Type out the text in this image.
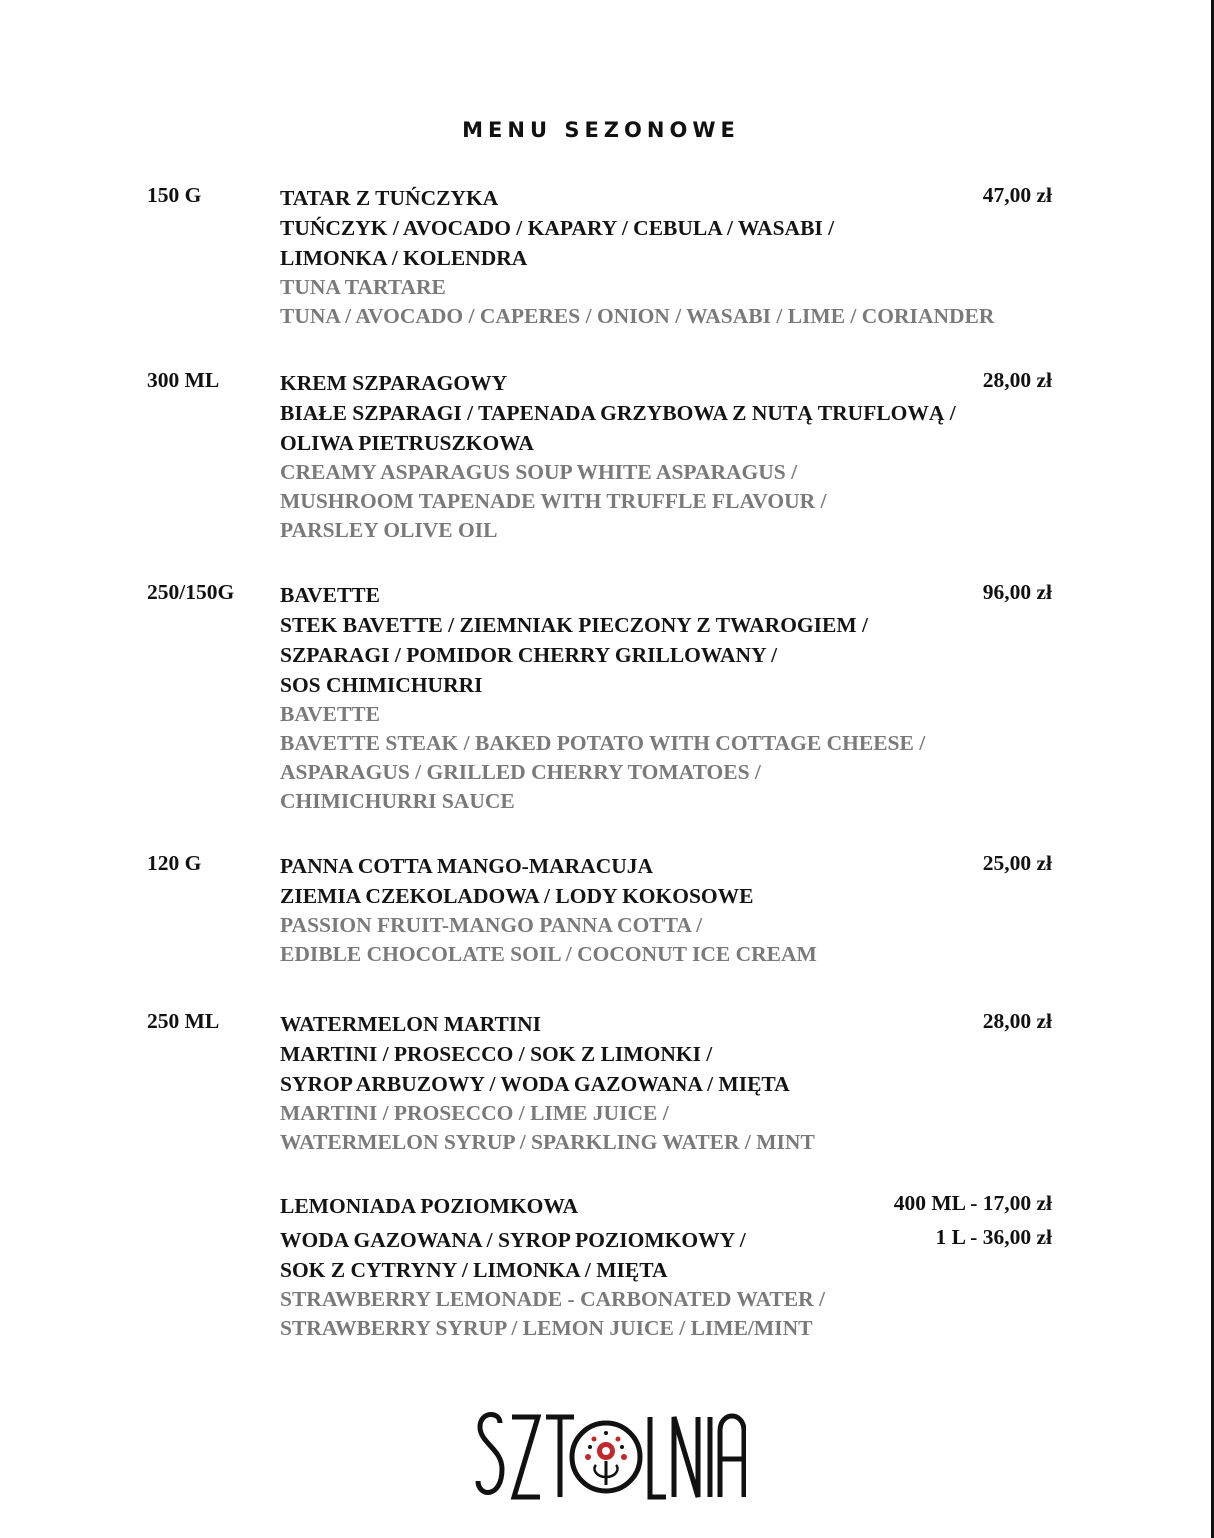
MENU SEZONOWE
150 G	47,00 zł
TATAR Z TUŃCZYKA
TUŃCZYK / AVOCADO / KAPARY / CEBULA / WASABI /
LIMONKA / KOLENDRA
TUNA TARTARE
TUNA / AVOCADO / CAPERES / ONION / WASABI / LIME / CORIANDER
300 ML	28,00 zł
KREM SZPARAGOWY
BIAŁE SZPARAGI / TAPENADA GRZYBOWA Z NUTĄ TRUFLOWĄ /
OLIWA PIETRUSZKOWA
CREAMY ASPARAGUS SOUP WHITE ASPARAGUS /
MUSHROOM TAPENADE WITH TRUFFLE FLAVOUR /
PARSLEY OLIVE OIL
250/150G	96,00 zł
BAVETTE
STEK BAVETTE / ZIEMNIAK PIECZONY Z TWAROGIEM /
SZPARAGI / POMIDOR CHERRY GRILLOWANY /
SOS CHIMICHURRI
BAVETTE
BAVETTE STEAK / BAKED POTATO WITH COTTAGE CHEESE /
ASPARAGUS / GRILLED CHERRY TOMATOES /
CHIMICHURRI SAUCE
120 G	25,00 zł
PANNA COTTA MANGO-MARACUJA
ZIEMIA CZEKOLADOWA / LODY KOKOSOWE
PASSION FRUIT-MANGO PANNA COTTA /
EDIBLE CHOCOLATE SOIL / COCONUT ICE CREAM
250 ML	28,00 zł
WATERMELON MARTINI
MARTINI / PROSECCO / SOK Z LIMONKI /
SYROP ARBUZOWY / WODA GAZOWANA / MIĘTA
MARTINI / PROSECCO / LIME JUICE /
WATERMELON SYRUP / SPARKLING WATER / MINT
400 ML - 17,00 zł
1 L - 36,00 zł
LEMONIADA POZIOMKOWA
WODA GAZOWANA / SYROP POZIOMKOWY /
SOK Z CYTRYNY / LIMONKA / MIĘTA
STRAWBERRY LEMONADE - CARBONATED WATER /
STRAWBERRY SYRUP / LEMON JUICE / LIME/MINT
